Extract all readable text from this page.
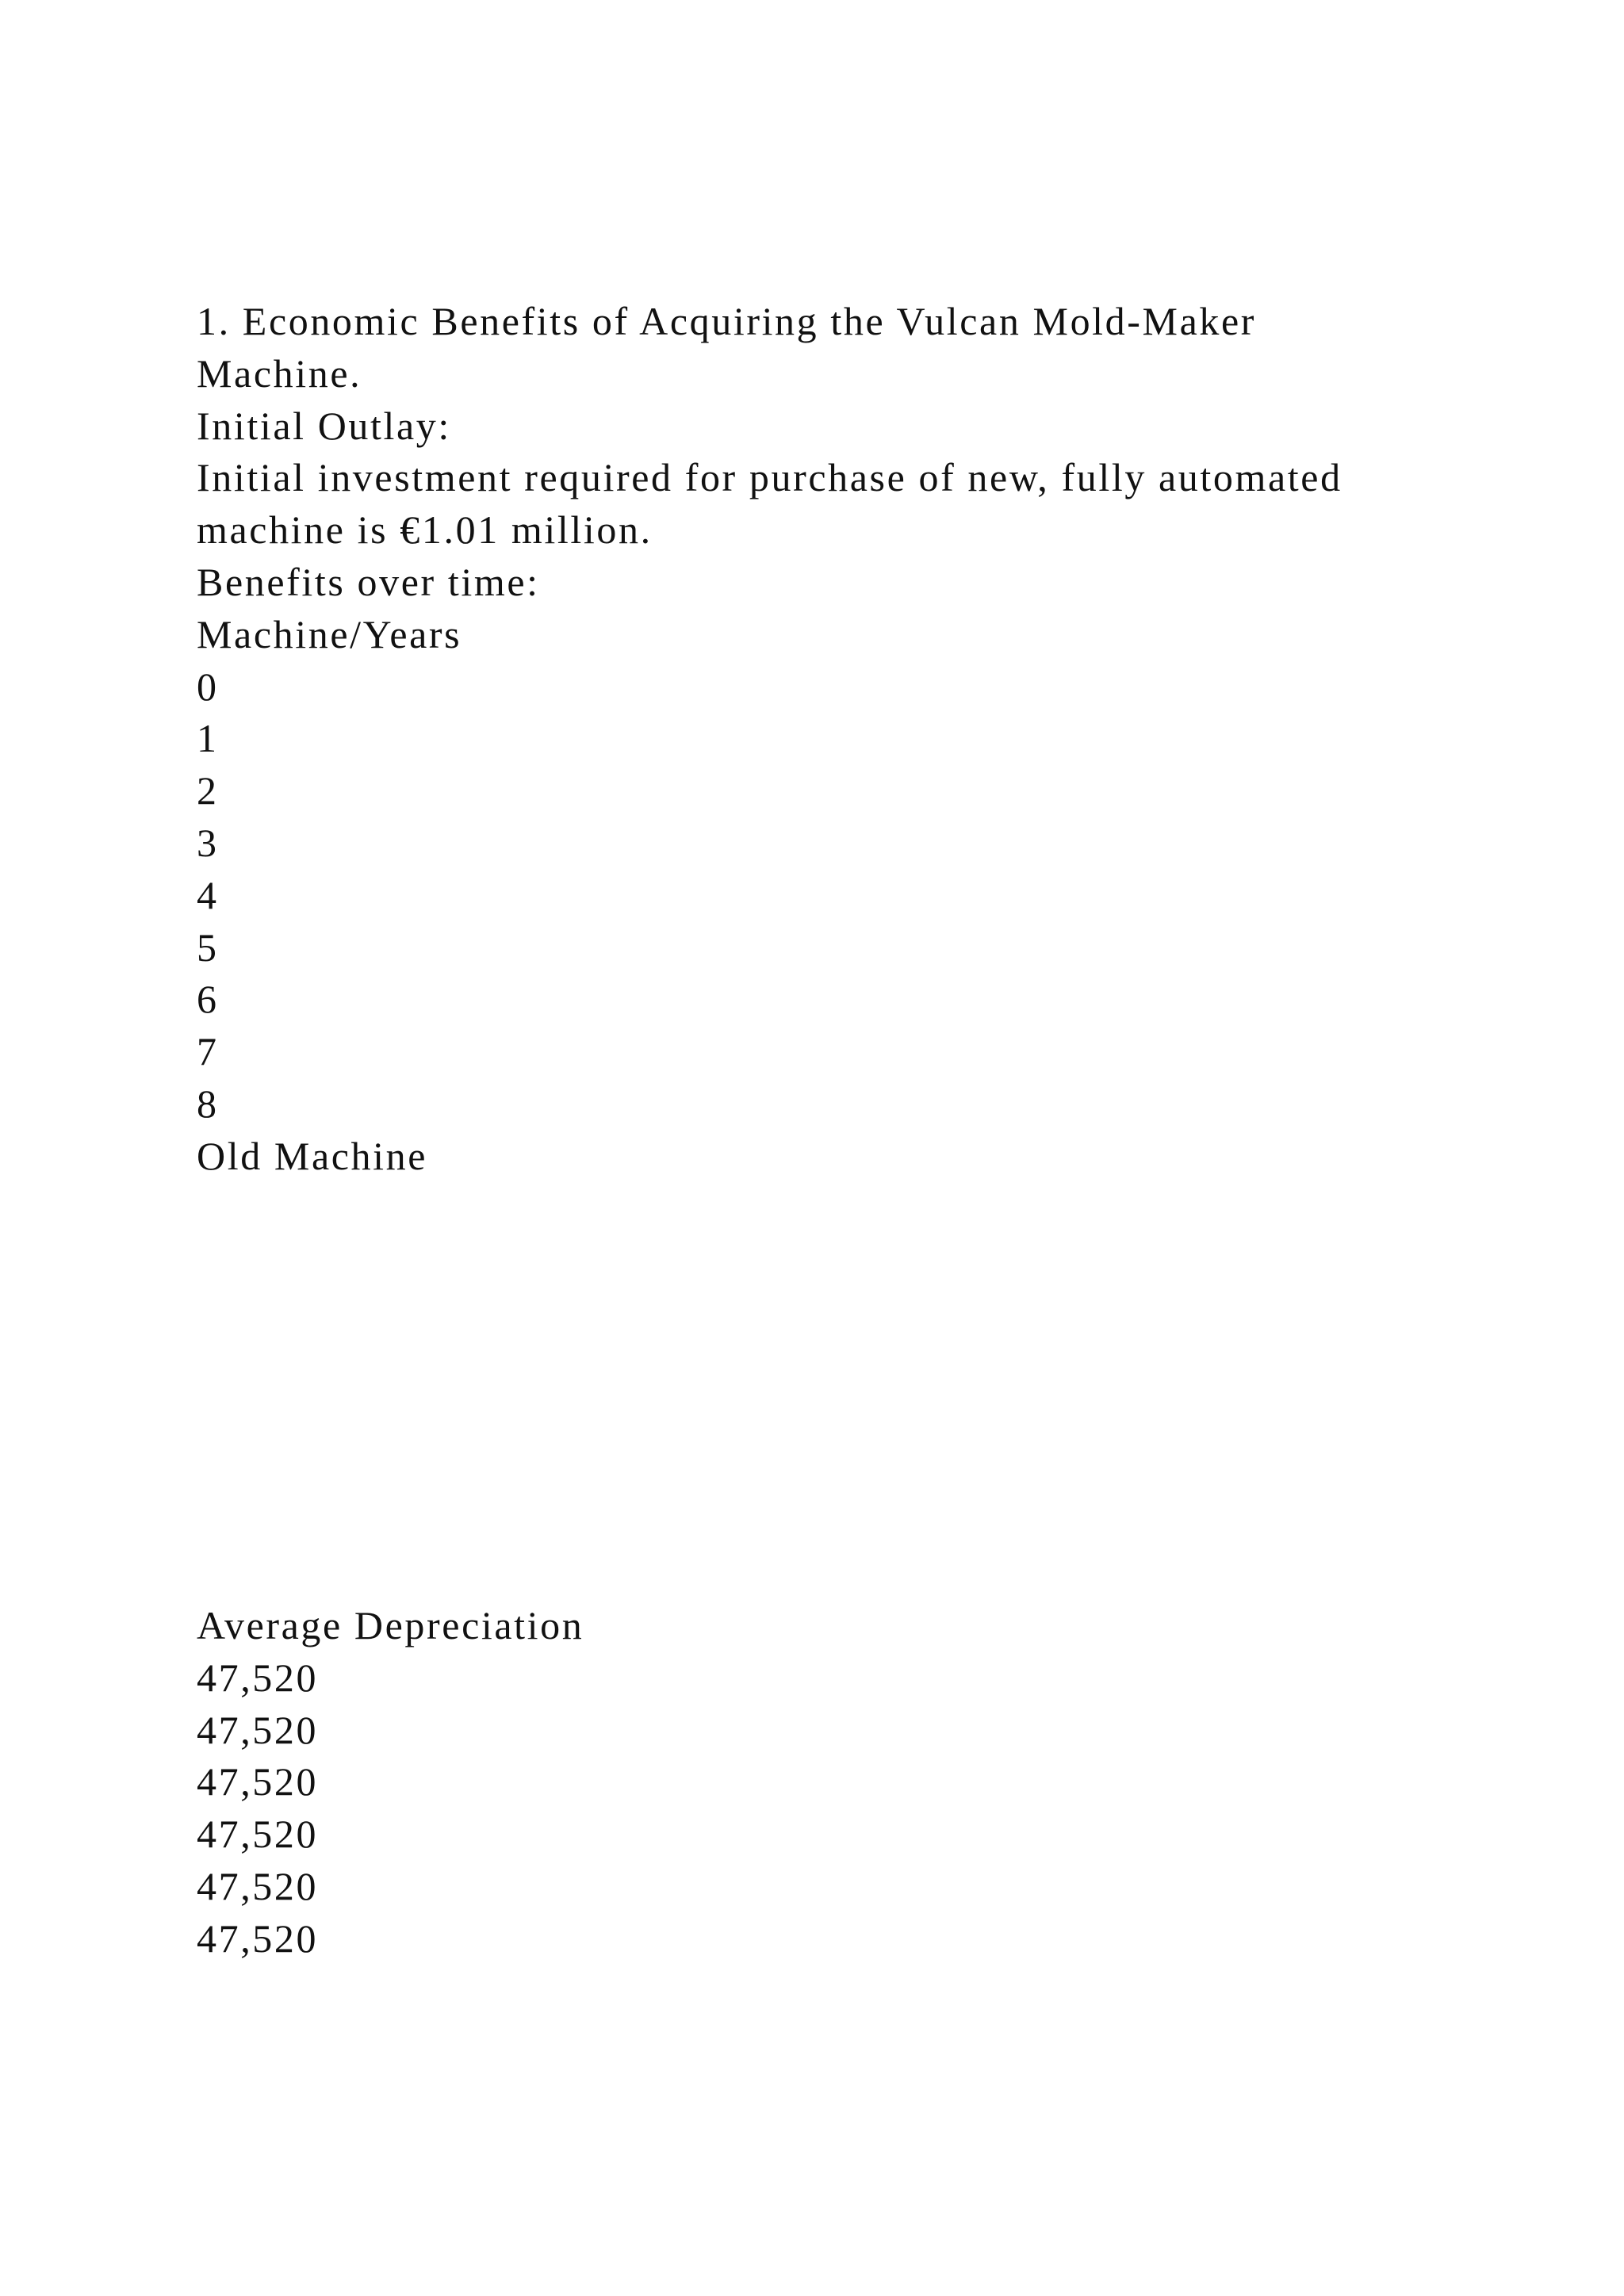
1. Economic Benefits of Acquiring the Vulcan Mold-Maker

Machine.

Initial Outlay:

Initial investment required for purchase of new, fully automated

machine is €1.01 million.

Benefits over time:

Machine/Years

0

1

2

3

4

5

6

7

8

Old Machine

Average Depreciation

47,520

47,520

47,520

47,520

47,520

47,520
